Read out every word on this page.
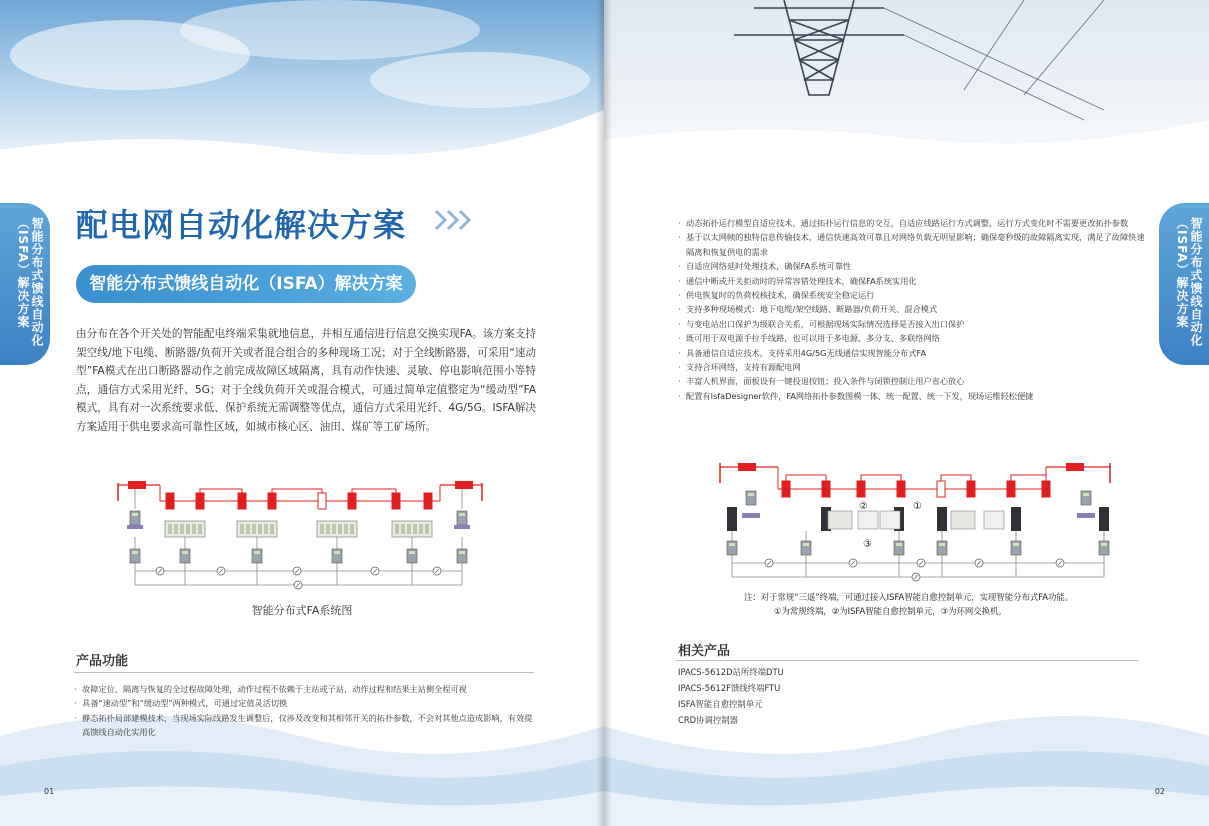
智能分布式馈线自动化
（ISFA）解决方案	配电网自动化解决方案
智能分布式馈线自动化（ISFA）解决方案
由分布在各个开关处的智能配电终端采集就地信息，并相互通信进行信息交换实现FA。该方案支持架空线/地下电缆、断路器/负荷开关或者混合组合的多种现场工况；对于全线断路器，可采用“速动型”FA模式在出口断路器动作之前完成故障区域隔离，具有动作快速、灵敏、停电影响范围小等特点，通信方式采用光纤、5G；对于全线负荷开关或混合模式，可通过简单定值整定为“缓动型”FA模式，具有对一次系统要求低、保护系统无需调整等优点，通信方式采用光纤、4G/5G。ISFA解决方案适用于供电要求高可靠性区域，如城市核心区、油田、煤矿等工矿场所。
智能分布式FA系统图
产品功能
· 故障定位、隔离与恢复的全过程故障处理，动作过程不依赖于主站或子站，动作过程和结果主站侧全程可视
· 具备“速动型”和“缓动型”两种模式，可通过定值灵活切换
· 静态拓扑局部建模技术，当现场实际线路发生调整后，仅涉及改变和其相邻开关的拓扑参数，不会对其他点造成影响，有效提高馈线自动化实用化
01
智能分布式馈线自动化
（ISFA）解决方案
· 动态拓扑运行模型自适应技术，通过拓扑运行信息的交互，自适应线路运行方式调整，运行方式变化时不需要更改拓扑参数
· 基于以太网帧的独特信息传输技术，通信快速高效可靠且对网络负载无明显影响；确保毫秒级的故障隔离实现，满足了故障快速隔离和恢复供电的需求
· 自适应网络延时处理技术，确保FA系统可靠性
· 通信中断或开关拒动时的异常容错处理技术，确保FA系统实用化
· 供电恢复时的负荷校核技术，确保系统安全稳定运行
· 支持多种现场模式：地下电缆/架空线路、断路器/负荷开关、混合模式
· 与变电站出口保护为级联合关系，可根据现场实际情况选择是否接入出口保护
· 既可用于双电源手拉手线路，也可以用于多电源、多分支、多联络网络
· 具备通信自适应技术，支持采用4G/5G无线通信实现智能分布式FA
· 支持合环网络，支持有源配电网
· 丰富人机界面，面板设有一键投退按钮；投入条件与闭锁控制让用户省心放心
· 配置有IsfaDesigner软件，FA网络拓扑参数图模一体、统一配置、统一下发，现场运维轻松便捷
②	①
③
注：对于常规“三遥”终端，可通过接入ISFA智能自愈控制单元，实现智能分布式FA功能。
①为常规终端，②为ISFA智能自愈控制单元，③为环网交换机。
相关产品
IPACS-5612D站所终端DTU
IPACS-5612F馈线终端FTU
ISFA智能自愈控制单元
CRD协调控制器
02
